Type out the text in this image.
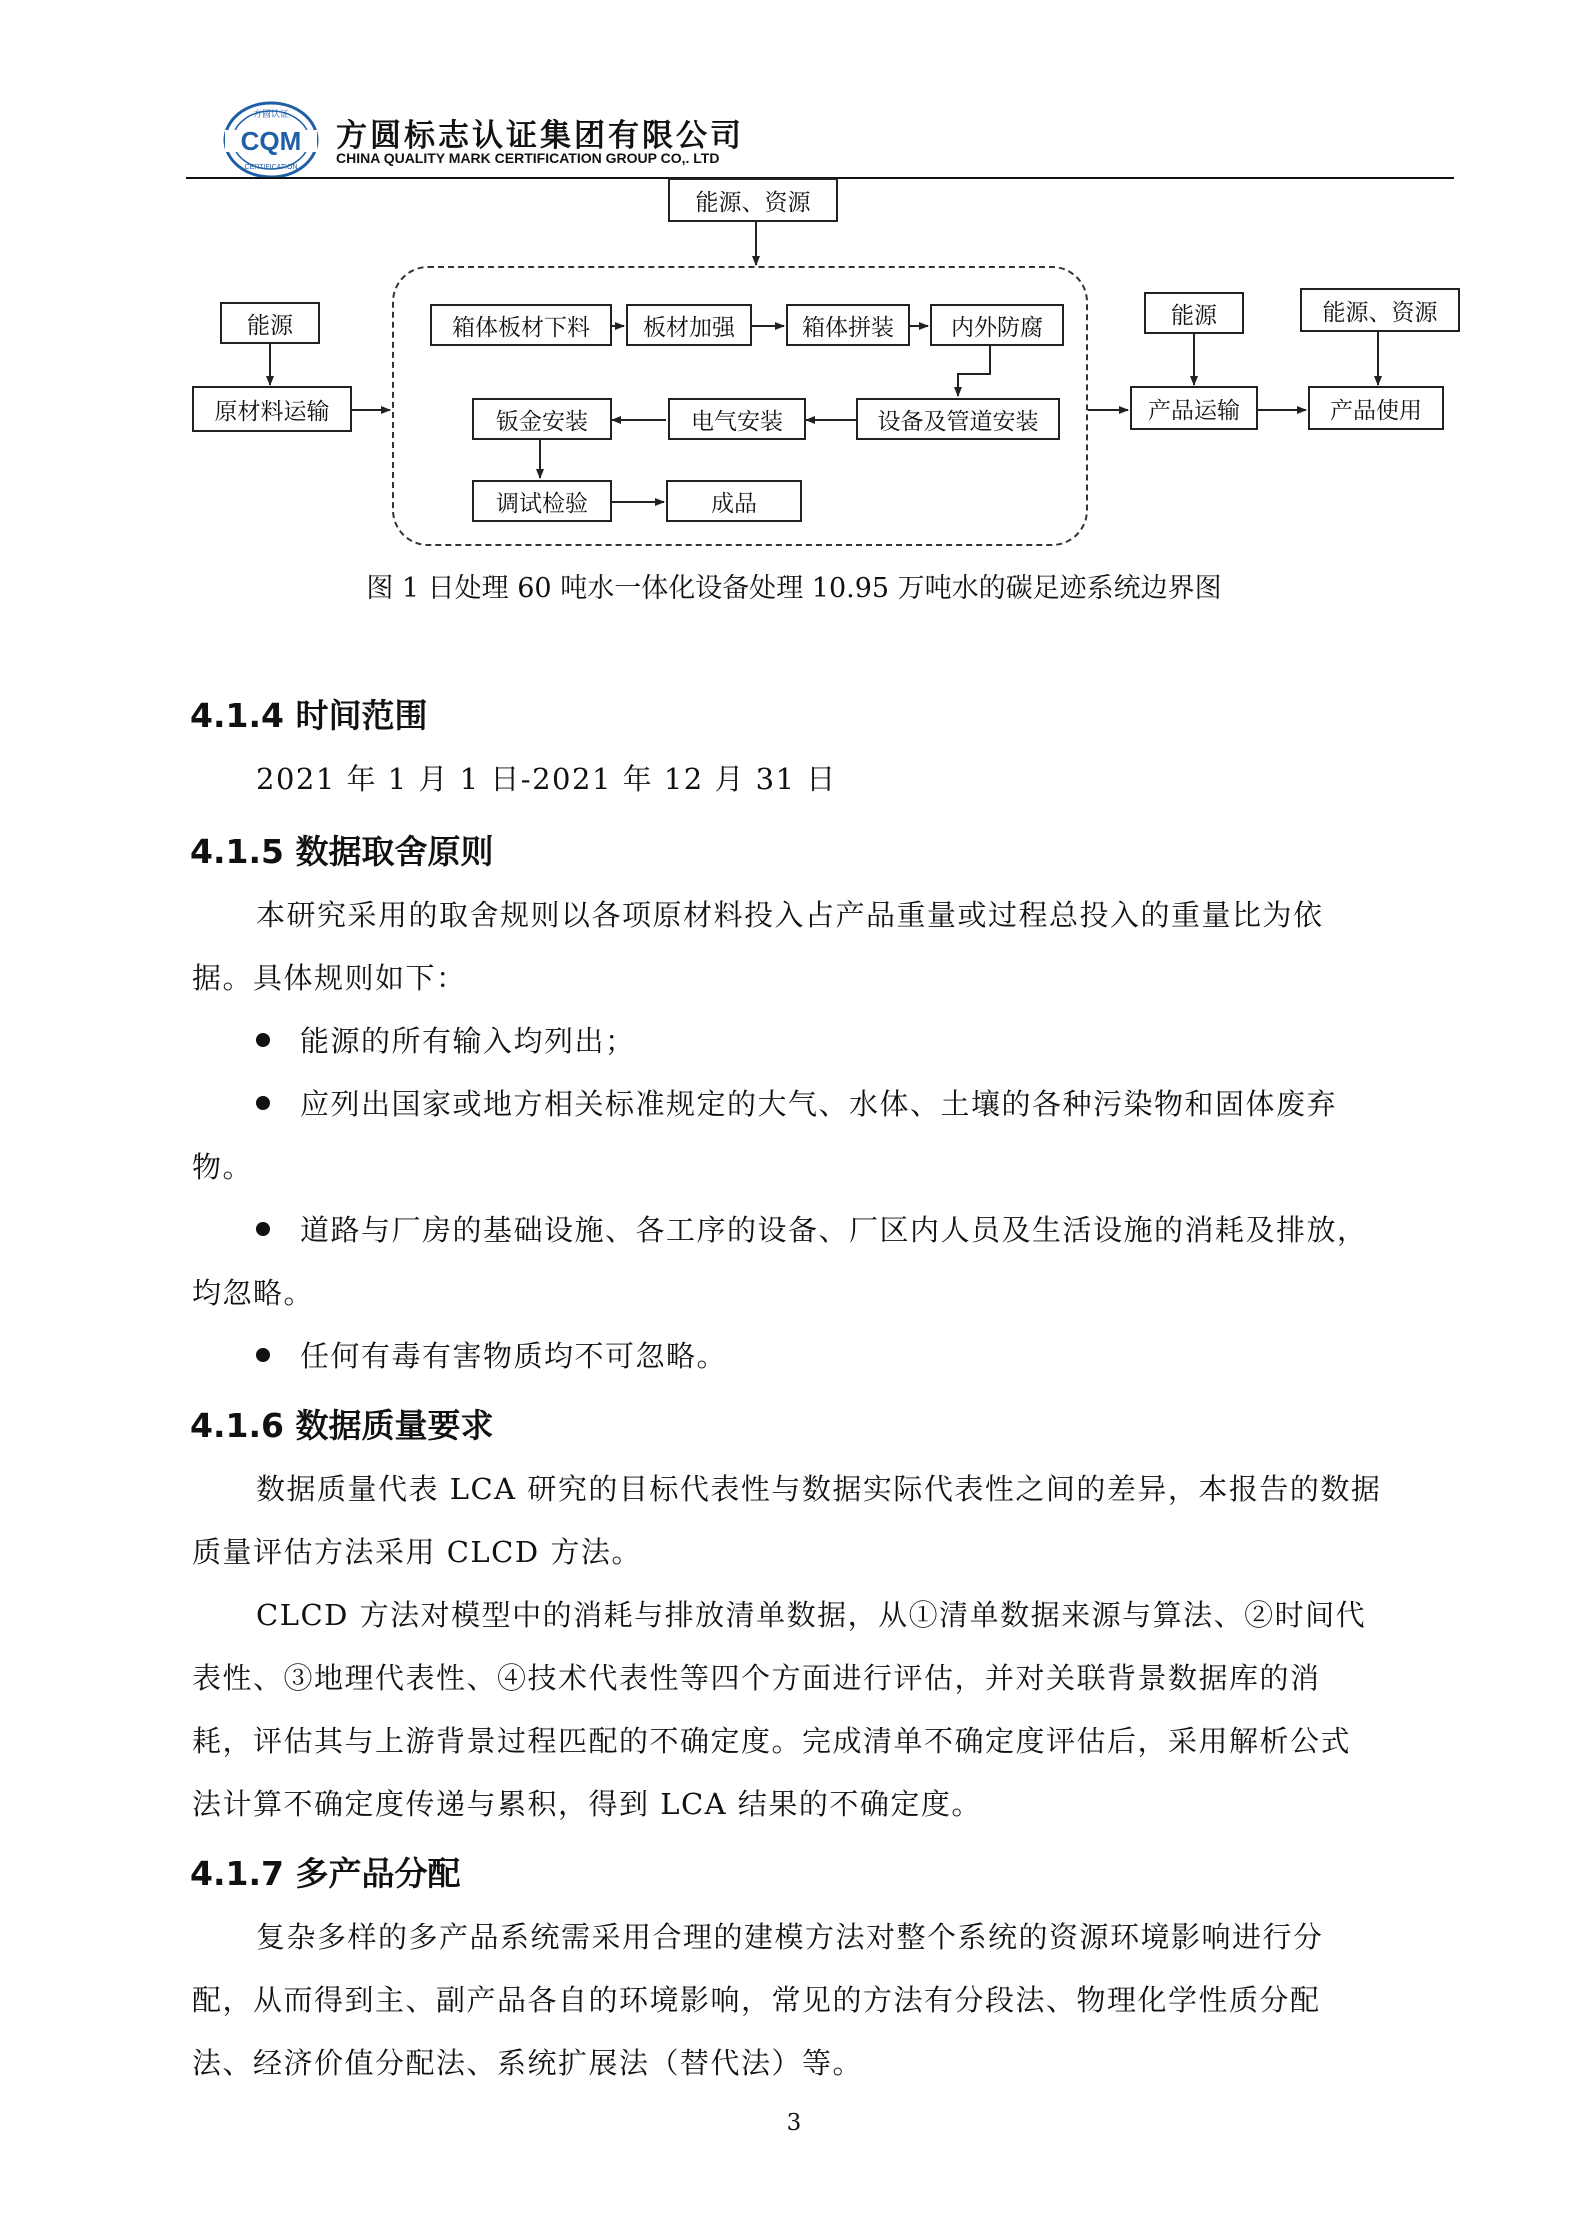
CQM
方圆认证
CERTIFICATION
方圆标志认证集团有限公司
CHINA QUALITY MARK CERTIFICATION GROUP CO,. LTD
能源、资源
能源
原材料运输
箱体板材下料	板材加强	箱体拼装	内外防腐
设备及管道安装
电气安装
钣金安装
调试检验	成品
能源	能源、资源
产品运输	产品使用
图 1 日处理 60 吨水一体化设备处理 10.95 万吨水的碳足迹系统边界图
4.1.4 时间范围
2021 年 1 月 1 日-2021 年 12 月 31 日
4.1.5 数据取舍原则
本研究采用的取舍规则以各项原材料投入占产品重量或过程总投入的重量比为依
据。具体规则如下：
能源的所有输入均列出；
应列出国家或地方相关标准规定的大气、水体、土壤的各种污染物和固体废弃
物。
道路与厂房的基础设施、各工序的设备、厂区内人员及生活设施的消耗及排放，
均忽略。
任何有毒有害物质均不可忽略。
4.1.6 数据质量要求
数据质量代表 LCA 研究的目标代表性与数据实际代表性之间的差异，本报告的数据
质量评估方法采用 CLCD 方法。
CLCD 方法对模型中的消耗与排放清单数据，从①清单数据来源与算法、②时间代
表性、③地理代表性、④技术代表性等四个方面进行评估，并对关联背景数据库的消
耗，评估其与上游背景过程匹配的不确定度。完成清单不确定度评估后，采用解析公式
法计算不确定度传递与累积，得到 LCA 结果的不确定度。
4.1.7 多产品分配
复杂多样的多产品系统需采用合理的建模方法对整个系统的资源环境影响进行分
配，从而得到主、副产品各自的环境影响，常见的方法有分段法、物理化学性质分配
法、经济价值分配法、系统扩展法（替代法）等。
3
